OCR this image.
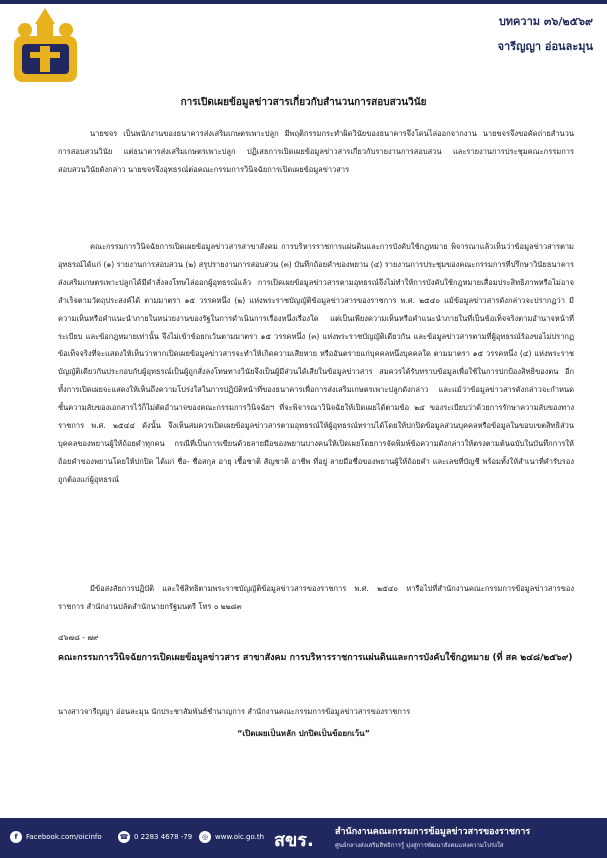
บทความ ๓๖/๒๕๖๙
จารีญญา อ่อนละมุน
การเปิดเผยข้อมูลข่าวสารเกี่ยวกับสำนวนการสอบสวนวินัย

นายขจร เป็นพนักงานของธนาคารส่งเสริมเกษตรเพาะปลูก มีพฤติกรรมกระทำผิดวินัยของธนาคารจึงโดนไล่ออกจากงาน นายขจรจึงขอคัดถ่ายสำนวนการสอบสวนวินัย แต่ธนาคารส่งเสริมเกษตรเพาะปลูก ปฏิเสธการเปิดเผยข้อมูลข่าวสารเกี่ยวกับรายงานการสอบสวน และรายงานการประชุมคณะกรรมการสอบสวนวินัยดังกล่าว นายขจรจึงอุทธรณ์ต่อคณะกรรมการวินิจฉัยการเปิดเผยข้อมูลข่าวสาร

คณะกรรมการวินิจฉัยการเปิดเผยข้อมูลข่าวสารสาขาสังคม การบริหารราชการแผ่นดินและการบังคับใช้กฎหมาย พิจารณาแล้วเห็นว่าข้อมูลข่าวสารตามอุทธรณ์ได้แก่ (๑) รายงานการสอบสวน (๒) สรุปรายงานการสอบสวน (๓) บันทึกถ้อยคำของพยาน (๔) รายงานการประชุมของคณะกรรมการที่ปรึกษาวินัยธนาคารส่งเสริมเกษตรเพาะปลูกได้มีคำสั่งลงโทษไล่ออกผู้อุทธรณ์แล้ว การเปิดเผยข้อมูลข่าวสารตามอุทธรณ์จึงไม่ทำให้การบังคับใช้กฎหมายเสื่อมประสิทธิภาพหรือไม่อาจสำเร็จตามวัตถุประสงค์ได้ ตามมาตรา ๑๕ วรรคหนึ่ง (๒) แห่งพระราชบัญญัติข้อมูลข่าวสารของราชการ พ.ศ. ๒๕๔๐ แม้ข้อมูลข่าวสารดังกล่าวจะปรากฏว่า มีความเห็นหรือคำแนะนำภายในหน่วยงานของรัฐในการดำเนินการเรื่องหนึ่งเรื่องใด แต่เป็นเพียงความเห็นหรือคำแนะนำภายในที่เป็นข้อเท็จจริงตามอำนาจหน้าที่ ระเบียบ และข้อกฎหมายเท่านั้น จึงไม่เข้าข้อยกเว้นตามมาตรา ๑๕ วรรคหนึ่ง (๓) แห่งพระราชบัญญัติเดียวกัน และข้อมูลข่าวสารตามที่ผู้อุทธรณ์ร้องขอไม่ปรากฏข้อเท็จจริงที่จะแสดงให้เห็นว่าหากเปิดเผยข้อมูลข่าวสารจะทำให้เกิดความเสียหาย หรืออันตรายแก่บุคคลหนึ่งบุคคลใด ตามมาตรา ๑๕ วรรคหนึ่ง (๔) แห่งพระราชบัญญัติเดียวกันประกอบกับผู้อุทธรณ์เป็นผู้ถูกสั่งลงโทษทางวินัยจึงเป็นผู้มีส่วนได้เสียในข้อมูลข่าวสาร สมควรได้รับทราบข้อมูลเพื่อใช้ในการปกป้องสิทธิของตน อีกทั้งการเปิดเผยจะแสดงให้เห็นถึงความโปร่งใสในการปฏิบัติหน้าที่ของธนาคารเพื่อการส่งเสริมเกษตรเพาะปลูกดังกล่าว และแม้ว่าข้อมูลข่าวสารดังกล่าวจะกำหนดชั้นความลับของเอกสารไว้ก็ไม่ตัดอำนาจของคณะกรรมการวินิจฉัยฯ ที่จะพิจารณาวินิจฉัยให้เปิดเผยได้ตามข้อ ๒๔ ของระเบียบว่าด้วยการรักษาความลับของทางราชการ พ.ศ. ๒๕๔๔ ดังนั้น จึงเห็นสมควรเปิดเผยข้อมูลข่าวสารตามอุทธรณ์ให้ผู้อุทธรณ์ทราบได้โดยให้ปกปิดข้อมูลส่วนบุคคลหรือข้อมูลในขอบเขตสิทธิส่วนบุคคลของพยานผู้ให้ถ้อยคำทุกคน กรณีที่เป็นการเขียนด้วยลายมือของพยานบางคนให้เปิดเผยโดยการจัดพิมพ์ข้อความดังกล่าวให้ตรงตามต้นฉบับในบันทึกการให้ถ้อยคำของพยานโดยให้ปกปิด ได้แก่ ชื่อ- ชื่อสกุล อายุ เชื้อชาติ สัญชาติ อาชีพ ที่อยู่ ลายมือชื่อของพยานผู้ให้ถ้อยคำ และเลขที่บัญชี พร้อมทั้งให้สำเนาที่คำรับรองถูกต้องแก่ผู้อุทธรณ์

มีข้อสงสัยการปฏิบัติ และใช้สิทธิตามพระราชบัญญัติข้อมูลข่าวสารของราชการ พ.ศ. ๒๕๔๐ หารือไปที่สำนักงานคณะกรรมการข้อมูลข่าวสารของราชการ สำนักงานปลัดสำนักนายกรัฐมนตรี โทร ๐ ๒๒๘๓

๔๖๗๘ - ๗๙
คณะกรรมการวินิจฉัยการเปิดเผยข้อมูลข่าวสาร สาขาสังคม การบริหารราชการแผ่นดินและการบังคับใช้กฎหมาย (ที่ สค ๒๔๘/๒๕๖๙)
นางสาวจารีญญา อ่อนละมุน นักประชาสัมพันธ์ชำนาญการ สำนักงานคณะกรรมการข้อมูลข่าวสารของราชการ
“เปิดเผยเป็นหลัก ปกปิดเป็นข้อยกเว้น”
f	Facebook.com/oicinfo	☎ 0 2283 4678 -79	◎ www.oic.go.th สขร. สำนักงานคณะกรรมการข้อมูลข่าวสารของราชการ
ศูนย์กลางส่งเสริมสิทธิการรู้ มุ่งสู่การพัฒนาสังคมแห่งความโปร่งใส
